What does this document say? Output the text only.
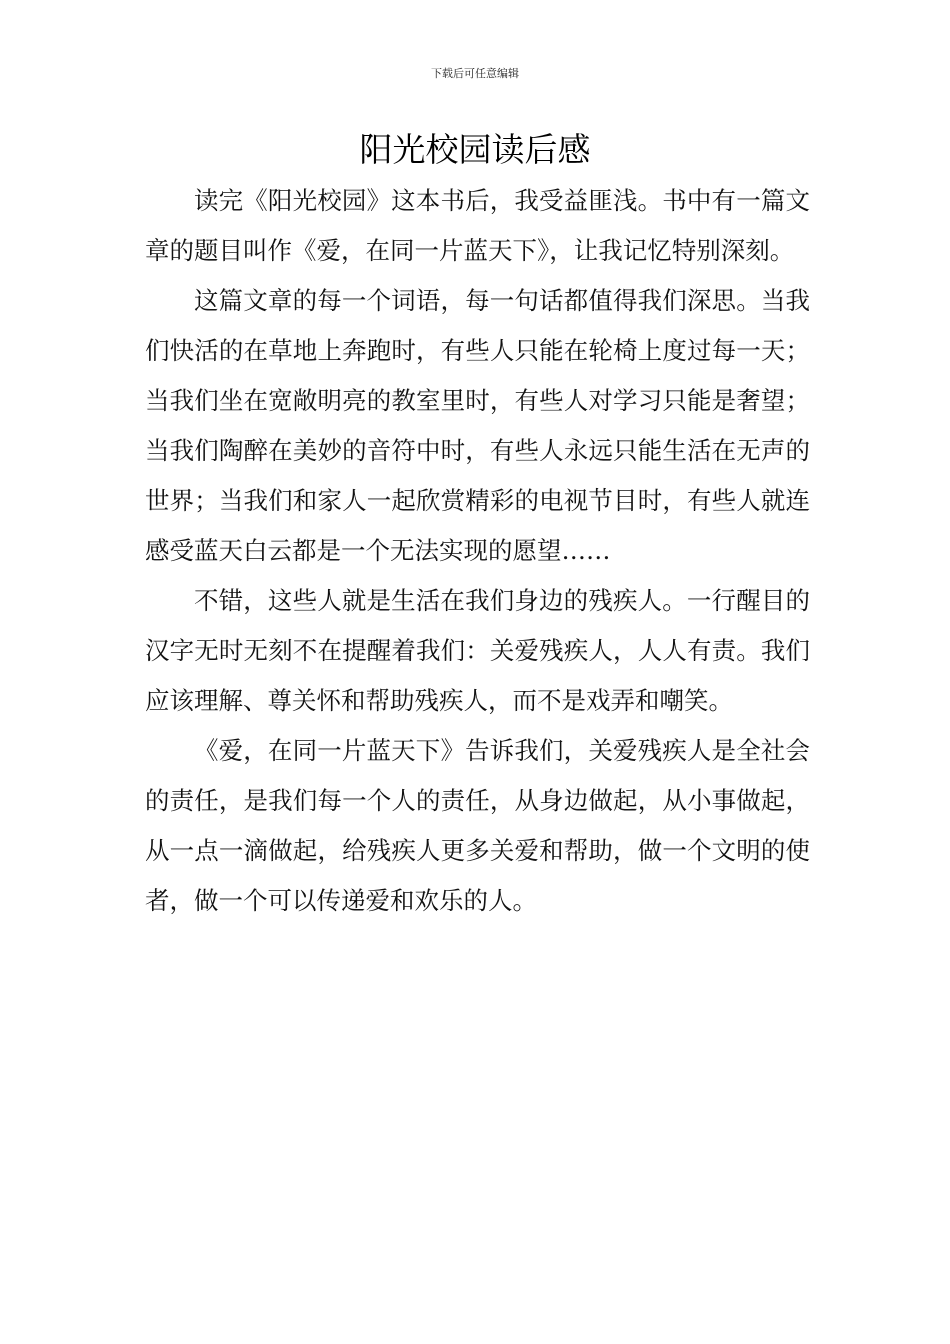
下载后可任意编辑
阳光校园读后感

读完《阳光校园》这本书后，我受益匪浅。书中有一篇文章的题目叫作《爱，在同一片蓝天下》，让我记忆特别深刻。

这篇文章的每一个词语，每一句话都值得我们深思。当我们快活的在草地上奔跑时，有些人只能在轮椅上度过每一天；当我们坐在宽敞明亮的教室里时，有些人对学习只能是奢望；当我们陶醉在美妙的音符中时，有些人永远只能生活在无声的世界；当我们和家人一起欣赏精彩的电视节目时，有些人就连感受蓝天白云都是一个无法实现的愿望……

不错，这些人就是生活在我们身边的残疾人。一行醒目的汉字无时无刻不在提醒着我们：关爱残疾人，人人有责。我们应该理解、尊关怀和帮助残疾人，而不是戏弄和嘲笑。

《爱，在同一片蓝天下》告诉我们，关爱残疾人是全社会的责任，是我们每一个人的责任，从身边做起，从小事做起，从一点一滴做起，给残疾人更多关爱和帮助，做一个文明的使者，做一个可以传递爱和欢乐的人。
